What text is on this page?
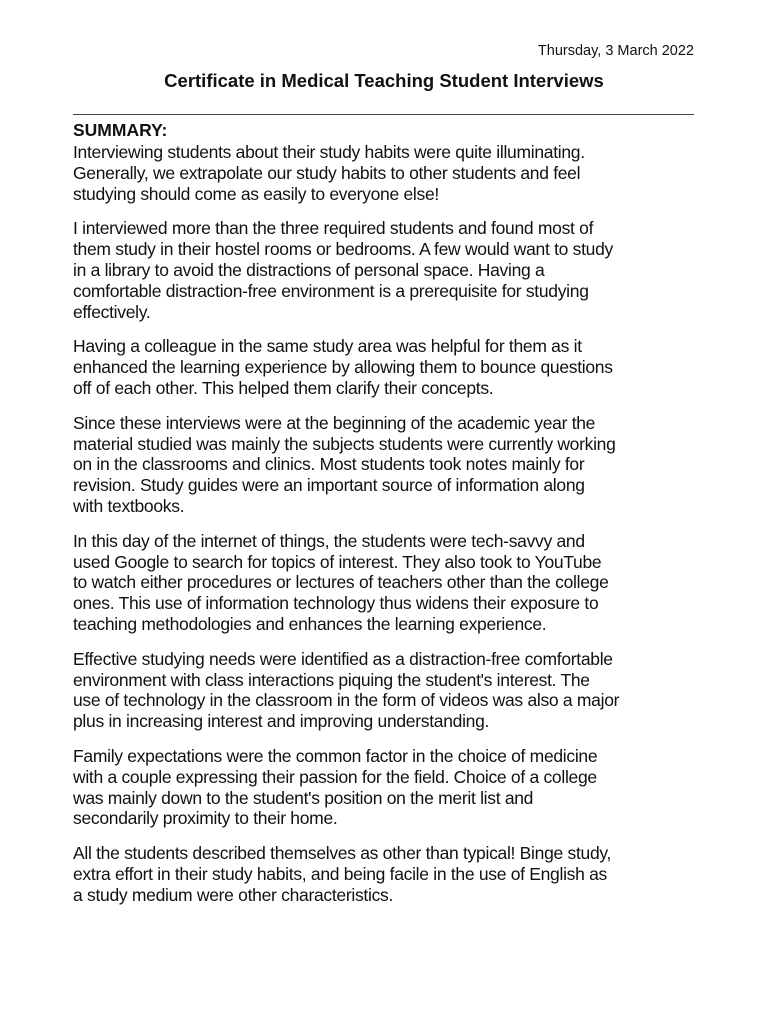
Thursday, 3 March 2022
Certificate in Medical Teaching Student Interviews
SUMMARY:

Interviewing students about their study habits were quite illuminating.
Generally, we extrapolate our study habits to other students and feel
studying should come as easily to everyone else!

I interviewed more than the three required students and found most of
them study in their hostel rooms or bedrooms. A few would want to study
in a library to avoid the distractions of personal space. Having a
comfortable distraction-free environment is a prerequisite for studying
effectively.

Having a colleague in the same study area was helpful for them as it
enhanced the learning experience by allowing them to bounce questions
off of each other. This helped them clarify their concepts.

Since these interviews were at the beginning of the academic year the
material studied was mainly the subjects students were currently working
on in the classrooms and clinics. Most students took notes mainly for
revision. Study guides were an important source of information along
with textbooks.

In this day of the internet of things, the students were tech-savvy and
used Google to search for topics of interest. They also took to YouTube
to watch either procedures or lectures of teachers other than the college
ones. This use of information technology thus widens their exposure to
teaching methodologies and enhances the learning experience.

Effective studying needs were identified as a distraction-free comfortable
environment with class interactions piquing the student's interest. The
use of technology in the classroom in the form of videos was also a major
plus in increasing interest and improving understanding.

Family expectations were the common factor in the choice of medicine
with a couple expressing their passion for the field. Choice of a college
was mainly down to the student's position on the merit list and
secondarily proximity to their home.

All the students described themselves as other than typical! Binge study,
extra effort in their study habits, and being facile in the use of English as
a study medium were other characteristics.
